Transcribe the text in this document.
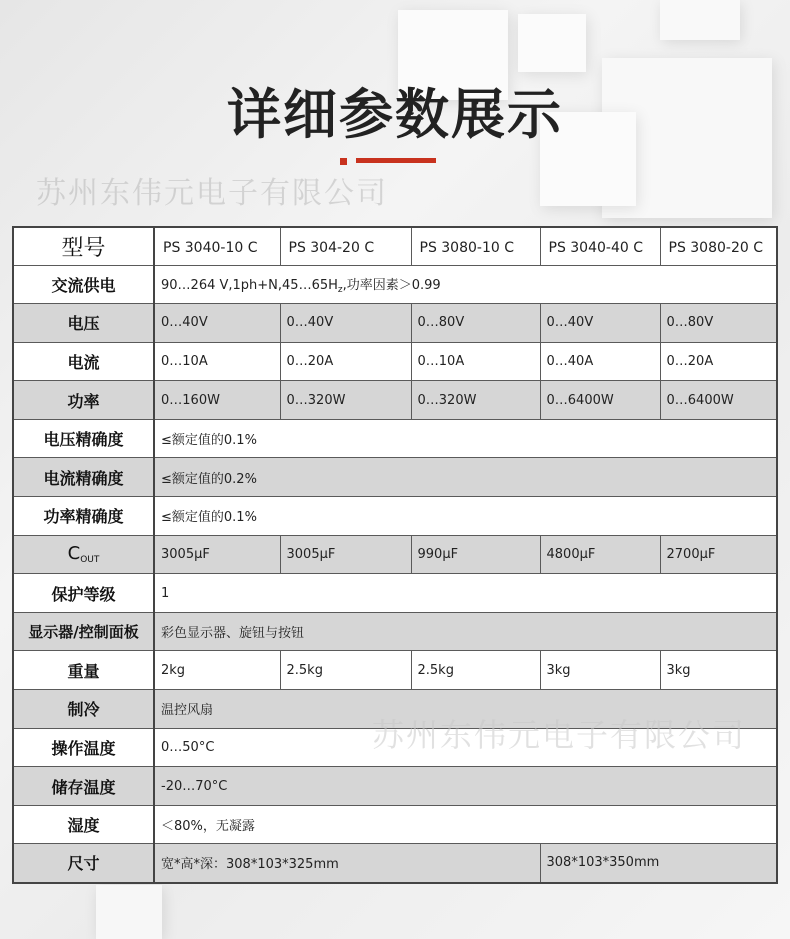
详细参数展示
苏州东伟元电子有限公司
型号	PS 3040-10 C	PS 304-20 C	PS 3080-10 C	PS 3040-40 C	PS 3080-20 C
交流供电	90…264 $V,1ph+N,45\dots 65H_z$,功率因素＞0.99				
电压	0…40V	0…40V	0…80V	0…40V	0…80V
电流	0…10A	0…20A	0…10A	0…40A	0…20A
功率	0…160W	0…320W	0…320W	0…6400W	0…6400W
电压精确度	≤额定值的0.1%				
电流精确度	≤额定值的0.2%				
功率精确度	≤额定值的0.1%				
$C_{OUT}$	3005μF	3005μF	990μF	4800μF	2700μF
保护等级	1				
显示器/控制面板	彩色显示器、旋钮与按钮				
重量	2kg	2.5kg	2.5kg	3kg	3kg
制冷	温控风扇				
操作温度	0…50°C				
储存温度	-20…70°C				
湿度	＜80%，无凝露				
尺寸	宽*高*深：308*103*325mm			308*103*350mm	
苏州东伟元电子有限公司
